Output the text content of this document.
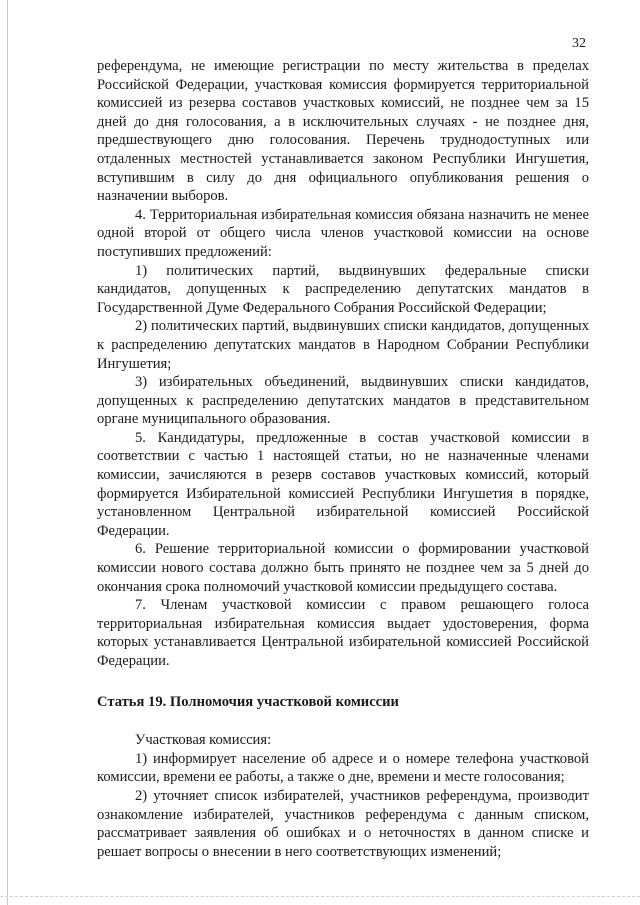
32

референдума, не имеющие регистрации по месту жительства в пределах Российской Федерации, участковая комиссия формируется территориальной комиссией из резерва составов участковых комиссий, не позднее чем за 15 дней до дня голосования, а в исключительных случаях - не позднее дня, предшествующего дню голосования. Перечень труднодоступных или отдаленных местностей устанавливается законом Республики Ингушетия, вступившим в силу до дня официального опубликования решения о назначении выборов.

4. Территориальная избирательная комиссия обязана назначить не менее одной второй от общего числа членов участковой комиссии на основе поступивших предложений:

1) политических партий, выдвинувших федеральные списки кандидатов, допущенных к распределению депутатских мандатов в Государственной Думе Федерального Собрания Российской Федерации;

2) политических партий, выдвинувших списки кандидатов, допущенных к распределению депутатских мандатов в Народном Собрании Республики Ингушетия;

3) избирательных объединений, выдвинувших списки кандидатов, допущенных к распределению депутатских мандатов в представительном органе муниципального образования.

5. Кандидатуры, предложенные в состав участковой комиссии в соответствии с частью 1 настоящей статьи, но не назначенные членами комиссии, зачисляются в резерв составов участковых комиссий, который формируется Избирательной комиссией Республики Ингушетия в порядке, установленном Центральной избирательной комиссией Российской Федерации.

6. Решение территориальной комиссии о формировании участковой комиссии нового состава должно быть принято не позднее чем за 5 дней до окончания срока полномочий участковой комиссии предыдущего состава.

7. Членам участковой комиссии с правом решающего голоса территориальная избирательная комиссия выдает удостоверения, форма которых устанавливается Центральной избирательной комиссией Российской Федерации.

Статья 19. Полномочия участковой комиссии

Участковая комиссия:

1) информирует население об адресе и о номере телефона участковой комиссии, времени ее работы, а также о дне, времени и месте голосования;

2) уточняет список избирателей, участников референдума, производит ознакомление избирателей, участников референдума с данным списком, рассматривает заявления об ошибках и о неточностях в данном списке и решает вопросы о внесении в него соответствующих изменений;
